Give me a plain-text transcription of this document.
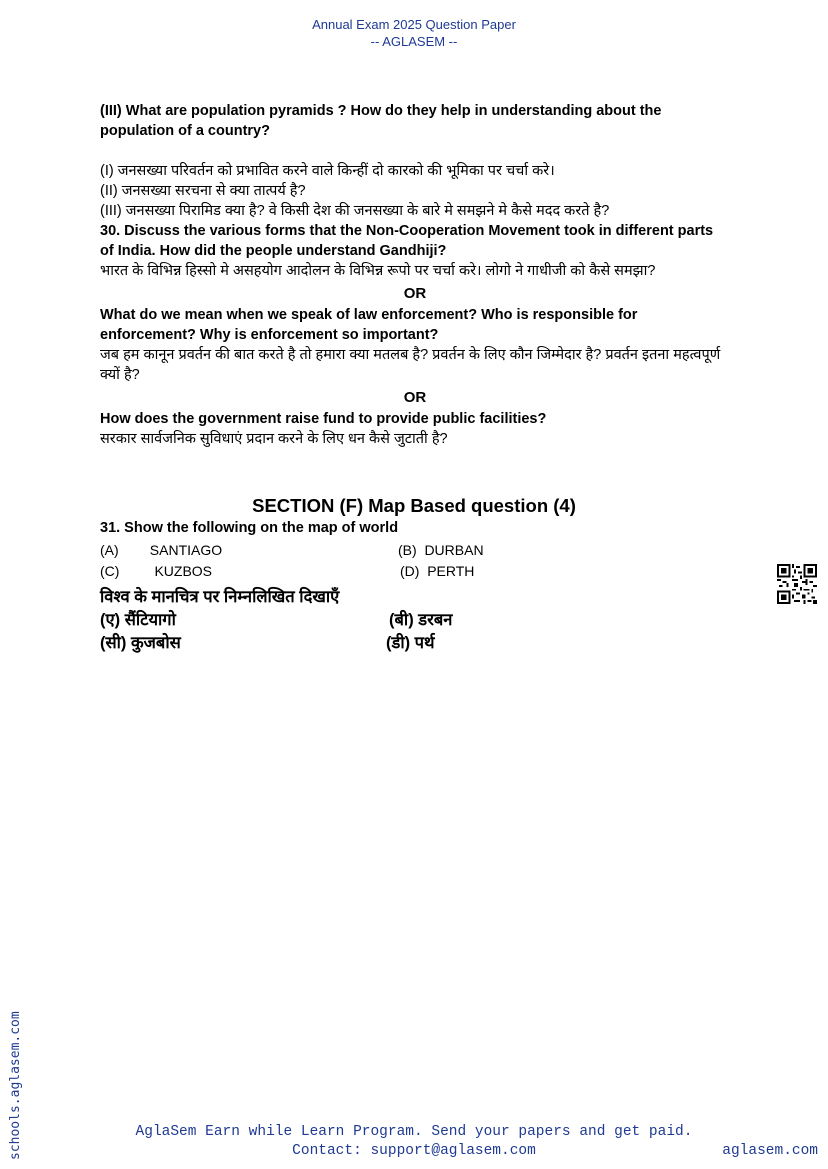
Annual Exam 2025 Question Paper
-- AGLASEM --
(III) What are population pyramids ? How do they help in understanding about the population of a country?
(I) जनसख्या परिवर्तन को प्रभावित करने वाले किन्हीं दो कारको की भूमिका पर चर्चा करे।
(II) जनसख्या सरचना से क्या तात्पर्य है?
(III) जनसख्या पिरामिड क्या है? वे किसी देश की जनसख्या के बारे मे समझने मे कैसे मदद करते है?
30. Discuss the various forms that the Non-Cooperation Movement took in different parts of India. How did the people understand Gandhiji?
भारत के विभिन्न हिस्सो मे असहयोग आदोलन के विभिन्न रूपो पर चर्चा करे। लोगो ने गाधीजी को कैसे समझा?
OR
What do we mean when we speak of law enforcement? Who is responsible for enforcement? Why is enforcement so important?
जब हम कानून प्रवर्तन की बात करते है तो हमारा क्या मतलब है? प्रवर्तन के लिए कौन जिम्मेदार है? प्रवर्तन इतना महत्वपूर्ण क्यों है?
OR
How does the government raise fund to provide public facilities?
सरकार सार्वजनिक सुविधाएं प्रदान करने के लिए धन कैसे जुटाती है?
SECTION (F) Map Based question (4)
31. Show the following on the map of world
(A)        SANTIAGO	(B)  DURBAN
(C)         KUZBOS	(D)  PERTH
विश्व के मानचित्र पर निम्नलिखित दिखाएँ
(ए) सैंटियागो	(बी) डरबन
(सी) कुजबोस	(डी) पर्थ
schools.aglasem.com	AglaSem Earn while Learn Program. Send your papers and get paid.
Contact: support@aglasem.com	aglasem.com
